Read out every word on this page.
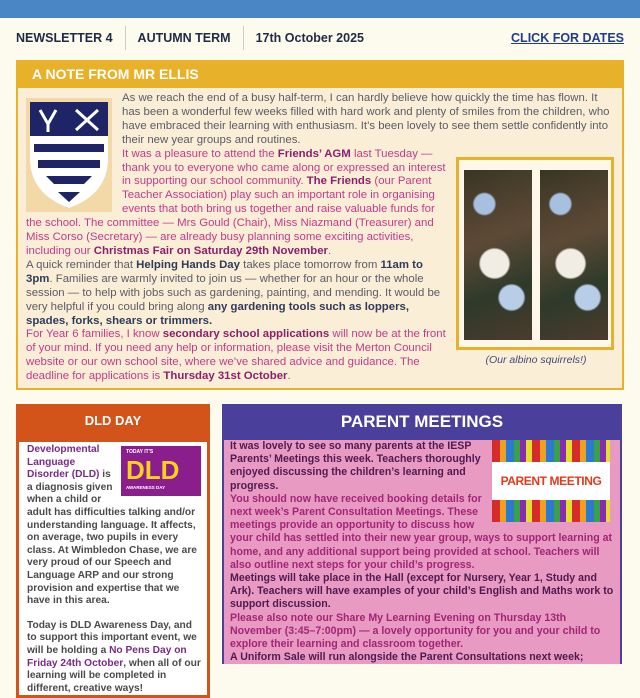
NEWSLETTER 4 AUTUMN TERM 17th October 2025	CLICK FOR DATES
A NOTE FROM MR ELLIS
(Our albino squirrels!)

As we reach the end of a busy half-term, I can hardly believe how quickly the time has flown. It has been a wonderful few weeks filled with hard work and plenty of smiles from the children, who have embraced their learning with enthusiasm. It’s been lovely to see them settle confidently into their new year groups and routines.

It was a pleasure to attend the Friends’ AGM last Tuesday — thank you to everyone who came along or expressed an interest in supporting our school community. The Friends (our Parent Teacher Association) play such an important role in organising events that both bring us together and raise valuable funds for the school. The committee — Mrs Gould (Chair), Miss Niazmand (Treasurer) and Miss Corso (Secretary) — are already busy planning some exciting activities, including our Christmas Fair on Saturday 29th November.

A quick reminder that Helping Hands Day takes place tomorrow from 11am to 3pm. Families are warmly invited to join us — whether for an hour or the whole session — to help with jobs such as gardening, painting, and mending. It would be very helpful if you could bring along any gardening tools such as loppers, spades, forks, shears or trimmers.

For Year 6 families, I know secondary school applications will now be at the front of your mind. If you need any help or information, please visit the Merton Council website or our own school site, where we’ve shared advice and guidance. The deadline for applications is Thursday 31st October.

DLD DAY
TODAY IT'S
DLD
AWARENESS DAY

Developmental Language Disorder (DLD) is a diagnosis given when a child or adult has difficulties talking and/or understanding language. It affects, on average, two pupils in every class. At Wimbledon Chase, we are very proud of our Speech and Language ARP and our strong provision and expertise that we have in this area.

Today is DLD Awareness Day, and to support this important event, we will be holding a No Pens Day on Friday 24th October, when all of our learning will be completed in different, creative ways!

PARENT MEETINGS
PARENT MEETING

It was lovely to see so many parents at the IESP Parents’ Meetings this week. Teachers thoroughly enjoyed discussing the children’s learning and progress.

You should now have received booking details for next week’s Parent Consultation Meetings. These meetings provide an opportunity to discuss how your child has settled into their new year group, ways to support learning at home, and any additional support being provided at school. Teachers will also outline next steps for your child’s progress.

Meetings will take place in the Hall (except for Nursery, Year 1, Study and Ark). Teachers will have examples of your child’s English and Maths work to support discussion.

Please also note our Share My Learning Evening on Thursday 13th November (3:45–7:00pm) — a lovely opportunity for you and your child to explore their learning and classroom together.

A Uniform Sale will run alongside the Parent Consultations next week;
